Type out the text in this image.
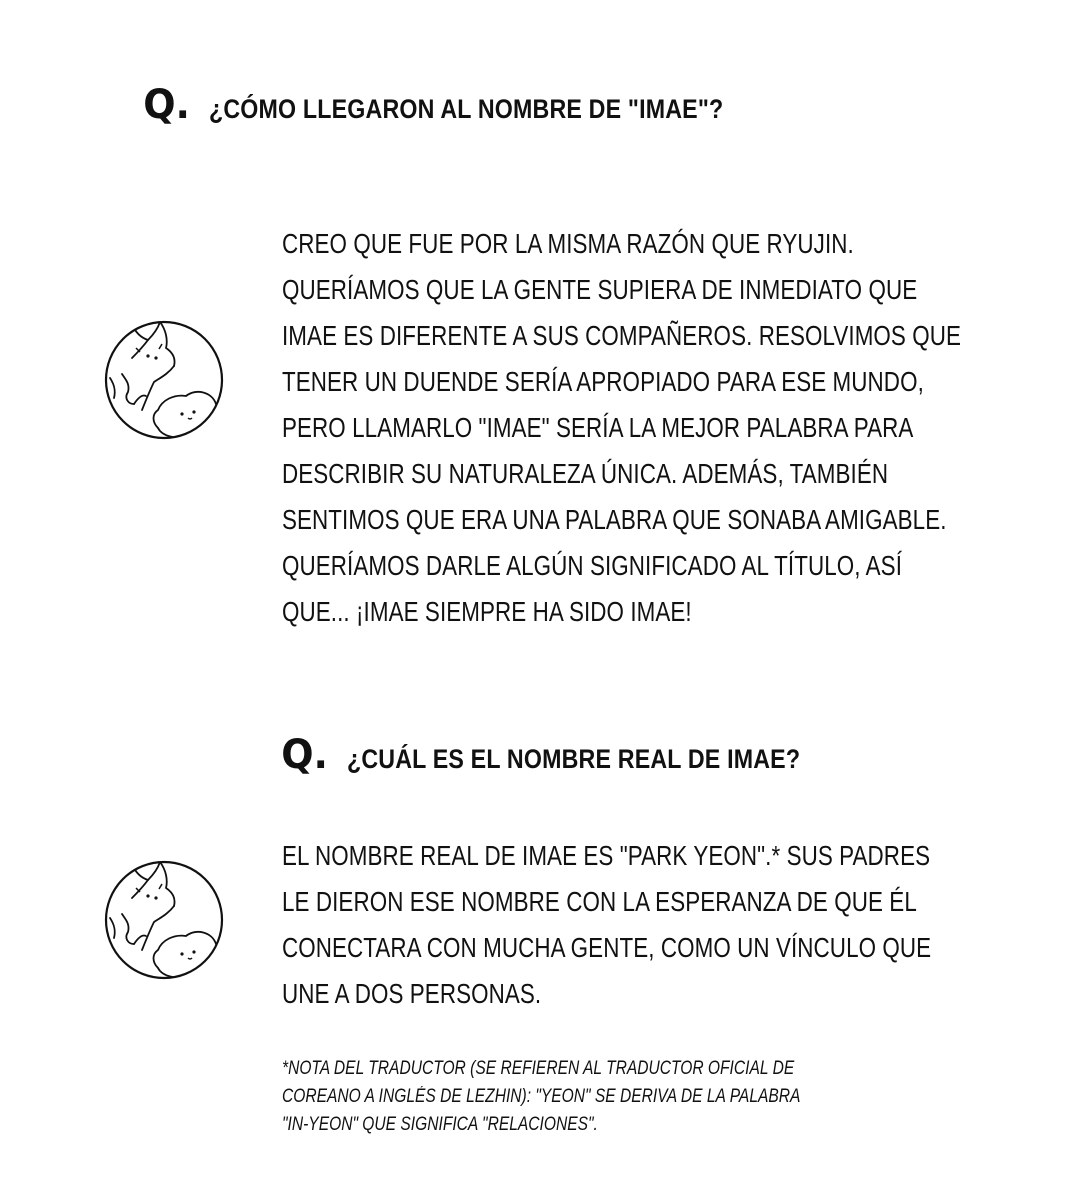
Q. ¿CÓMO LLEGARON AL NOMBRE DE "IMAE"?
CREO QUE FUE POR LA MISMA RAZÓN QUE RYUJIN.
QUERÍAMOS QUE LA GENTE SUPIERA DE INMEDIATO QUE
IMAE ES DIFERENTE A SUS COMPAÑEROS. RESOLVIMOS QUE
TENER UN DUENDE SERÍA APROPIADO PARA ESE MUNDO,
PERO LLAMARLO "IMAE" SERÍA LA MEJOR PALABRA PARA
DESCRIBIR SU NATURALEZA ÚNICA. ADEMÁS, TAMBIÉN
SENTIMOS QUE ERA UNA PALABRA QUE SONABA AMIGABLE.
QUERÍAMOS DARLE ALGÚN SIGNIFICADO AL TÍTULO, ASÍ
QUE... ¡IMAE SIEMPRE HA SIDO IMAE!
Q. ¿CUÁL ES EL NOMBRE REAL DE IMAE?
EL NOMBRE REAL DE IMAE ES "PARK YEON".* SUS PADRES
LE DIERON ESE NOMBRE CON LA ESPERANZA DE QUE ÉL
CONECTARA CON MUCHA GENTE, COMO UN VÍNCULO QUE
UNE A DOS PERSONAS.
*NOTA DEL TRADUCTOR (SE REFIEREN AL TRADUCTOR OFICIAL DE
COREANO A INGLÉS DE LEZHIN): "YEON" SE DERIVA DE LA PALABRA
"IN-YEON" QUE SIGNIFICA "RELACIONES".
